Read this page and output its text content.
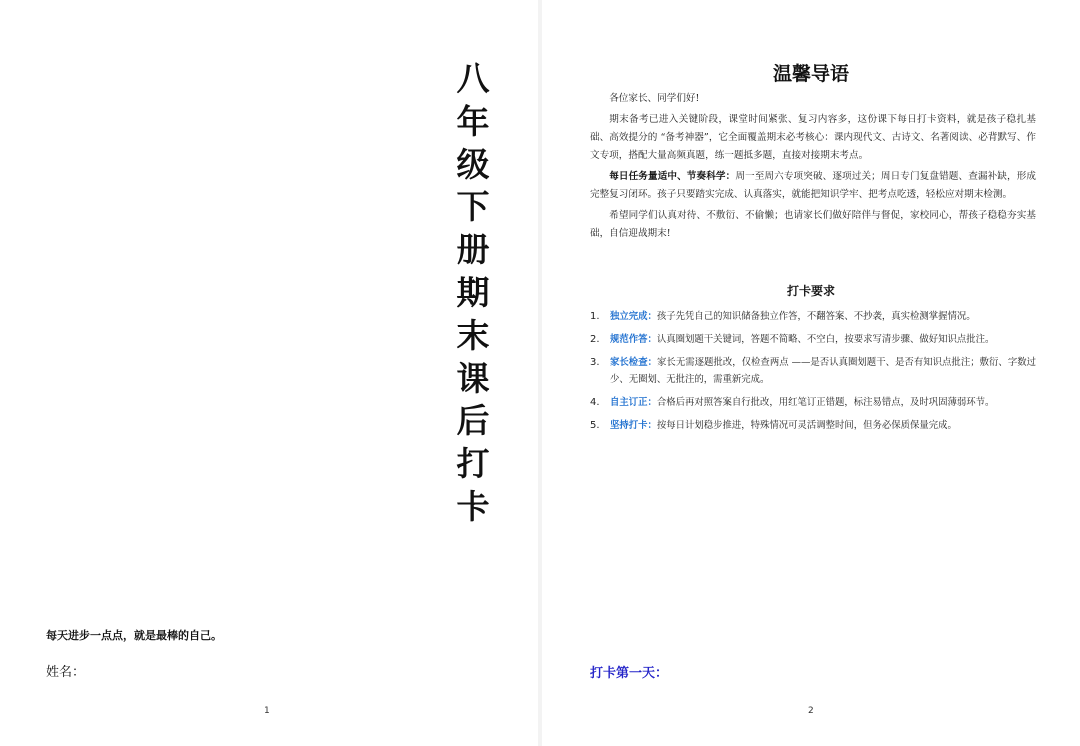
八
年
级
下
册
期
末
课
后
打
卡
每天进步一点点，就是最棒的自己。
姓名：
1
温馨导语

各位家长、同学们好!

期末备考已进入关键阶段，课堂时间紧张、复习内容多，这份课下每日打卡资料，就是孩子稳扎基础、高效提分的 “备考神器”，它全面覆盖期末必考核心：课内现代文、古诗文、名著阅读、必背默写、作文专项，搭配大量高频真题，练一题抵多题，直接对接期末考点。

每日任务量适中、节奏科学：周一至周六专项突破、逐项过关；周日专门复盘错题、查漏补缺，形成完整复习闭环。孩子只要踏实完成、认真落实，就能把知识学牢、把考点吃透，轻松应对期末检测。

希望同学们认真对待、不敷衍、不偷懒；也请家长们做好陪伴与督促，家校同心，帮孩子稳稳夯实基础，自信迎战期末!

打卡要求
1.	独立完成：孩子先凭自己的知识储备独立作答，不翻答案、不抄袭，真实检测掌握情况。
2.	规范作答：认真圈划题干关键词，答题不简略、不空白，按要求写清步骤、做好知识点批注。
3.	家长检查：家长无需逐题批改，仅检查两点 ——是否认真圈划题干、是否有知识点批注；敷衍、字数过少、无圈划、无批注的，需重新完成。
4.	自主订正：合格后再对照答案自行批改，用红笔订正错题，标注易错点，及时巩固薄弱环节。
5.	坚持打卡：按每日计划稳步推进，特殊情况可灵活调整时间，但务必保质保量完成。
打卡第一天：
2
